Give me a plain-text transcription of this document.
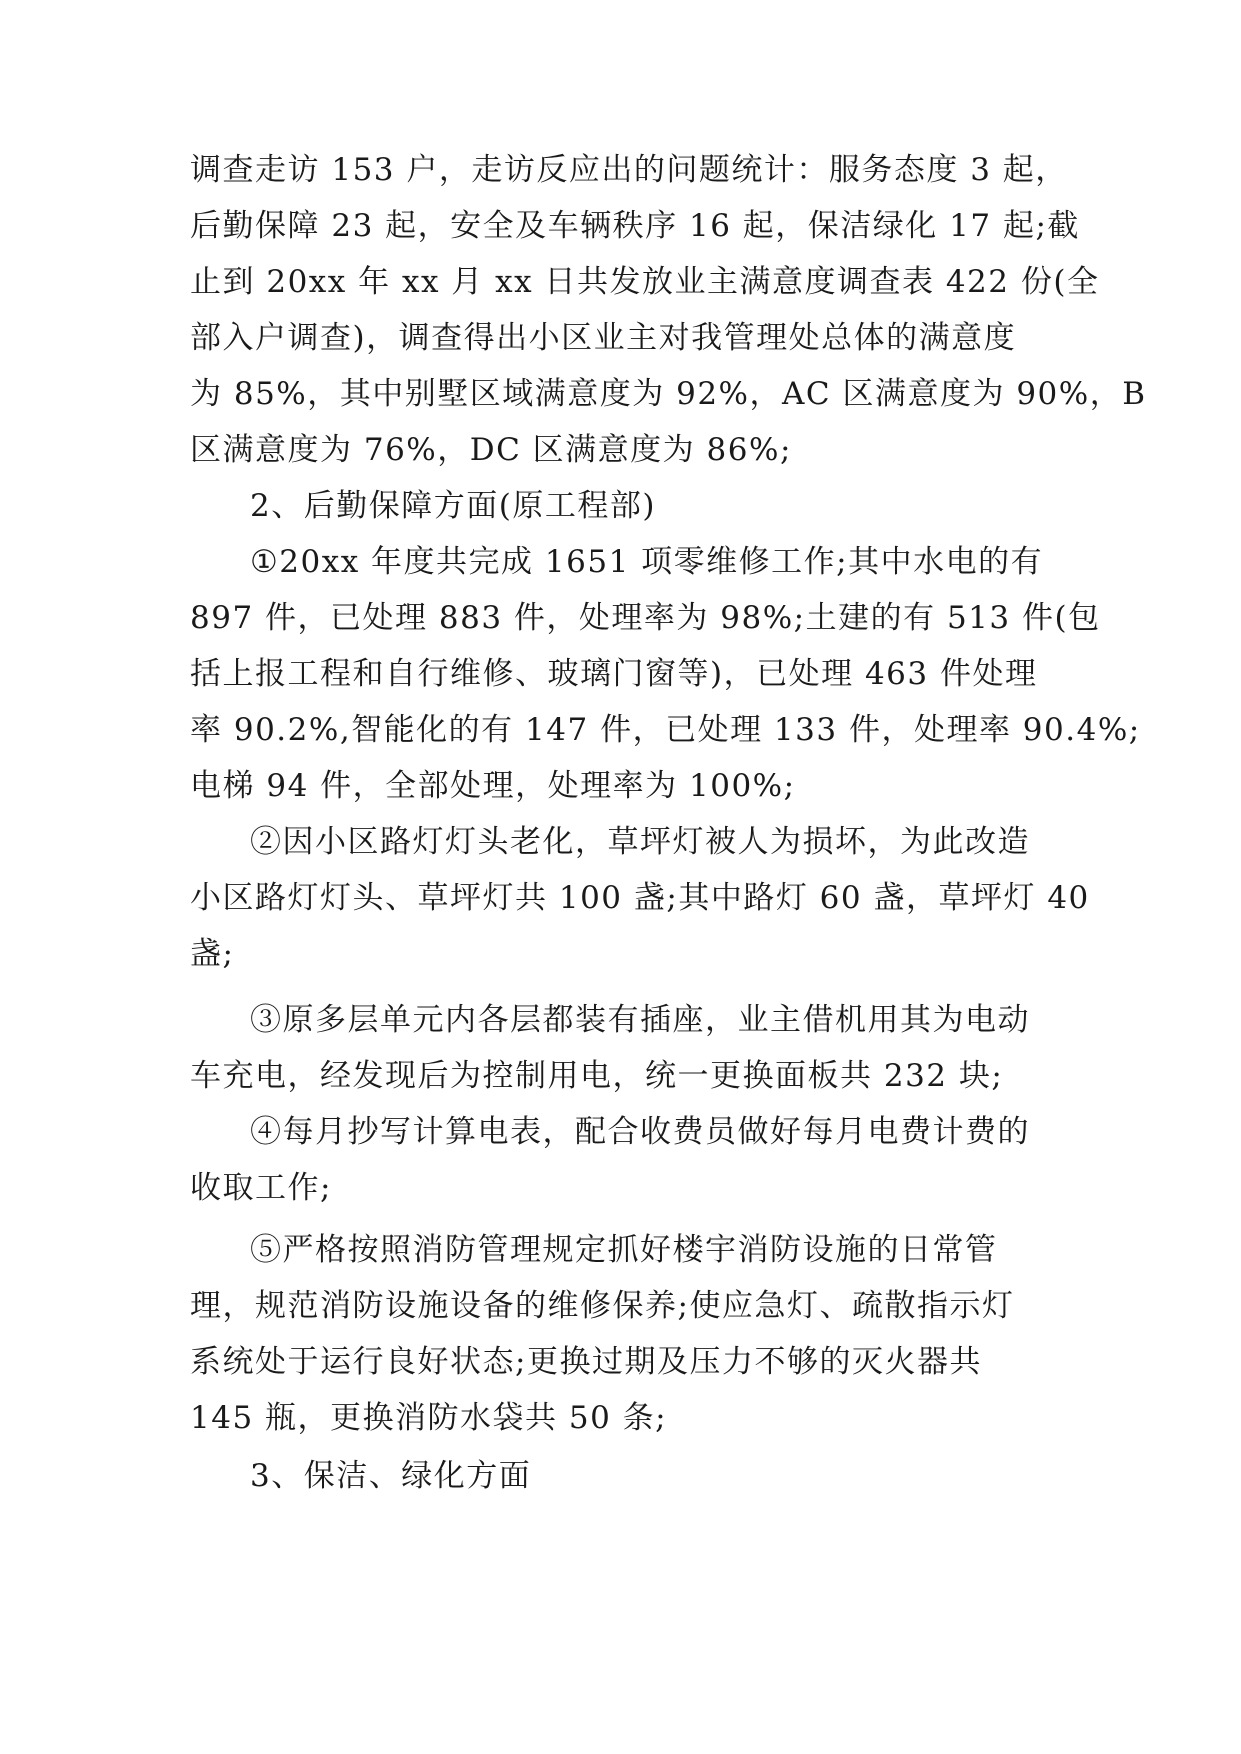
调查走访 153 户，走访反应出的问题统计：服务态度 3 起，
后勤保障 23 起，安全及车辆秩序 16 起，保洁绿化 17 起;截
止到 20xx 年 xx 月 xx 日共发放业主满意度调查表 422 份(全
部入户调查)，调查得出小区业主对我管理处总体的满意度
为 85%，其中别墅区域满意度为 92%，AC 区满意度为 90%，B
区满意度为 76%，DC 区满意度为 86%;
2、后勤保障方面(原工程部)
①20xx 年度共完成 1651 项零维修工作;其中水电的有
897 件，已处理 883 件，处理率为 98%;土建的有 513 件(包
括上报工程和自行维修、玻璃门窗等)，已处理 463 件处理
率 90.2%,智能化的有 147 件，已处理 133 件，处理率 90.4%;
电梯 94 件，全部处理，处理率为 100%;
②因小区路灯灯头老化，草坪灯被人为损坏，为此改造
小区路灯灯头、草坪灯共 100 盏;其中路灯 60 盏，草坪灯 40
盏;
③原多层单元内各层都装有插座，业主借机用其为电动
车充电，经发现后为控制用电，统一更换面板共 232 块;
④每月抄写计算电表，配合收费员做好每月电费计费的
收取工作;
⑤严格按照消防管理规定抓好楼宇消防设施的日常管
理，规范消防设施设备的维修保养;使应急灯、疏散指示灯
系统处于运行良好状态;更换过期及压力不够的灭火器共
145 瓶，更换消防水袋共 50 条;
3、保洁、绿化方面
